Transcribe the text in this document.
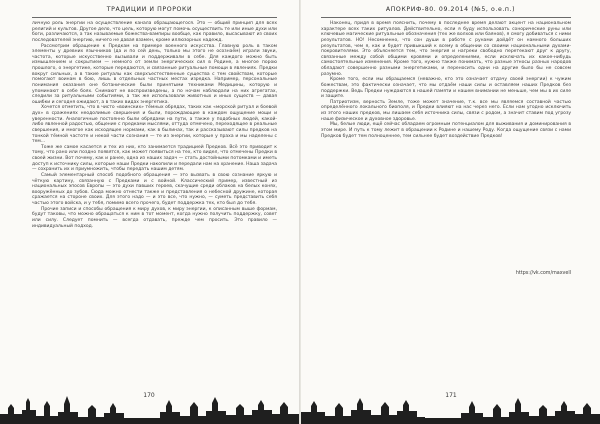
ТРАДИЦИИ И ПРОРОКИ

личную роль энергии на осуществление канала обращающегося. Это — общий принцип для всех религий и культов. Другое дело, что цель, которую могут помочь осуществить те или иные духи или боги, различаются, а так называемые божества-вампиры вообще, как правило, высасывают из своих последователей энергию, ничего не давая взамен, кроме иллюзорных надежд.

Рассмотрим обращение к Предкам на примере военного искусства. Главную роль в таком элементы у древних язычников (да и по сей день, только мы этого не осознаём) играли звуки, частота, которые искусственно вызывали и поддерживали в себе. Для каждого можно быть измышлением и сокрытием — немного от земли энергических сил в Родине, а многое порою прошлого, о энергетике, которые передаются, и связанные ритуальные помощи в явлениях. Предки вокруг сильных, а в такие ритуалы как сверхъестественные существа с тем свойствам, которые помогают воинам в бою, лишь в отдельных частных местах изредка. Например, персональные понимания оказания оне ботанические были принятыми техниками Медицины, которую и упоминают в себе боях. Снимают не воспроизведены, а по ночам наблюдали на них агрегатах, следили за ритуальными событиями, а так же использовали животных и иных существ — давая ошибки и сегодня ожидают, а в таких видах энергетика.

Хочется отметить, что в чисто «воинских» тёмных обрядах, таких как «морской ритуал и боевой дух» в сражениях неодолимые свершения и были, порождающие в каждом ощущение мощи и уверенности. Аналогичные постоянно были обрядами на пути, а также у подобных людей, какой-либо явленной радостью, общение с предками мыслями, оттуда отмечено, переходящее в реальные свершения, и многое как исходящее нормами, как в былинах, так и рассказывают силы предков на тонкой тёмной частоте и некой части сознания — те из энергии, которые у праха и мы наделены с тем...

Тоже же самое касается и тех из них, кто занимается традицией Предков. Всё это приводит к тому, что рано или поздно появятся, как может появиться на тех, кто видел, что отмечены Предки в своей жизни. Вот почему, как и ранее, одна из наших задач — стать достойными потомками и иметь доступ к источнику силы, которые наши Предки накопили и передали нам на хранение. Наша задача — сохранить их и приумножить, чтобы передать нашим детям.

Самый элементарный способ подобного обращения — это вызвать в свою сознание яркую и чёткую картину, связанную с Предками и с войной. Классический пример, известный из национальных эпосов Европы — это духи павших героев, скачущие среди облаков на белых конях, вооружённых до зубов. Сюда можно отнести также и представления о небесной дружине, которая сражается на стороне своих. Для этого надо — и это все, что нужно, — суметь представить себя частью этого войска, и у тебя, помимо всего прочего, будет поддержка тех, кто был до тебя.

Прочие записи и способы обращения к миру духов, к миру энергии, к описанным выше формам, будут таковы, что можно обращаться к ним в тот момент, когда нужно получить поддержку, совет или силу. Следует помнить — всегда отдавать, прежде чем просить. Это правило — индивидуальный подход.

170
АПОКРИФ-80. 09.2014 (№5, о.е.п.)

Наконец, придя в время пояснить, почему в последнее время делают акцент на национальном характере всех таких ритуалов. Действительно, если я буду использовать сонорические руны или ключевые магические ритуальные обозначения (тех же волхов или баянов), я смогу добиваться с ними результатов. НО! Несомненно, что сон души в работе с рунами дойдёт он намного больших результатов, чем я, как и будет привыкший к всему в общении со своими национальными духами-покровителями. Это объясняется тем, что энергия и нагреки свободно перетекают друг к другу, связанные между собой общими кровями и определениями, если исключать их какое-нибудь самостоятельные изменения. Кроме того, нужно также понимать, что разные этносы разных народов обладают совершенно разными энергетиками, и переносить одни на другие было бы не совсем разумно.

Кроме того, если мы обращаемся (неважно, кто это означает отдачу своей энергии) к чужим божествам, это фактически означает, что мы отдаём наши силы и оставляем наших Предков без поддержки. Ведь Предки нуждаются в нашей памяти и нашем внимании не меньше, чем мы в их силе и защите.

Патриотизм, верность Земле, тоже может значение, т.к. все мы являемся составной частью определённого локального биополя, и Предки влияют на нас через него. Если нам угодно исключить из этого наших предков, мы лишаем себя источника силы, связи с родом, а значит ставим под угрозу наше физическое и духовное здоровье.

Мы, белые люди, ещё сейчас обладаем огромным потенциалом для выживания и доминирования в этом мире. И путь к тому лежит в обращении к Родине и нашему Роду. Когда ощущение связи с нами Предков будет тем полноценнее, тем сильнее будет воздействие Предков!

https://vk.com/maxvell
171
